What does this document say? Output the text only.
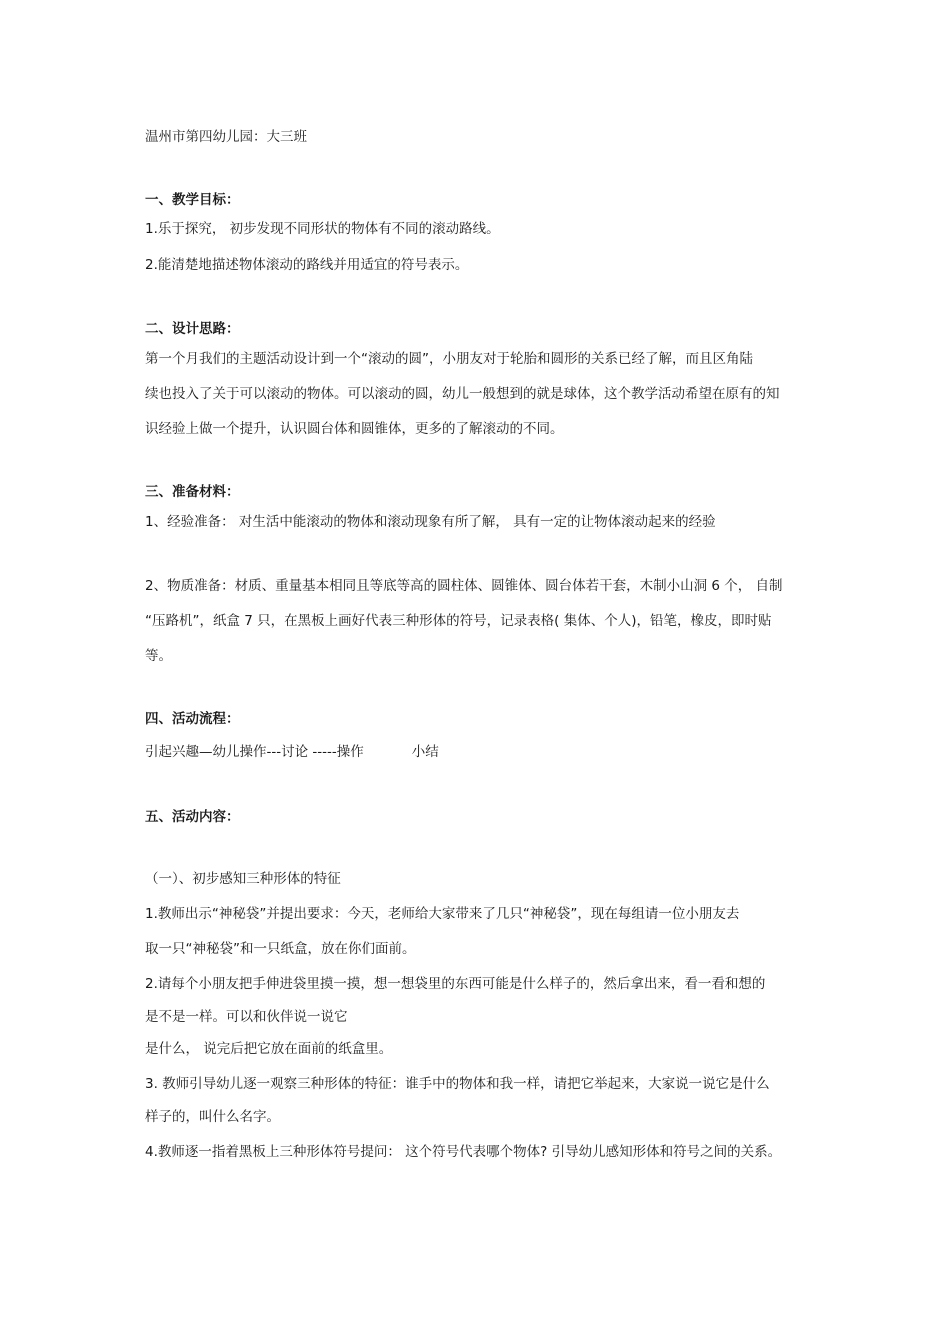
温州市第四幼儿园：大三班
一、教学目标：
1.乐于探究， 初步发现不同形状的物体有不同的滚动路线。
2.能清楚地描述物体滚动的路线并用适宜的符号表示。
二、设计思路：
第一个月我们的主题活动设计到一个“滚动的圆”，小朋友对于轮胎和圆形的关系已经了解，而且区角陆
续也投入了关于可以滚动的物体。可以滚动的圆，幼儿一般想到的就是球体，这个教学活动希望在原有的知
识经验上做一个提升，认识圆台体和圆锥体，更多的了解滚动的不同。
三、准备材料：
1、经验准备： 对生活中能滚动的物体和滚动现象有所了解， 具有一定的让物体滚动起来的经验
2、物质准备：材质、重量基本相同且等底等高的圆柱体、圆锥体、圆台体若干套，木制小山洞 6 个， 自制
“压路机”，纸盒 7 只，在黑板上画好代表三种形体的符号，记录表格( 集体、个人)，铅笔，橡皮，即时贴
等。
四、活动流程：
引起兴趣—幼儿操作---讨论 -----操作	小结
五、活动内容：
（一）、初步感知三种形体的特征
1.教师出示“神秘袋”并提出要求：今天，老师给大家带来了几只“神秘袋”，现在每组请一位小朋友去
取一只“神秘袋”和一只纸盒，放在你们面前。
2.请每个小朋友把手伸进袋里摸一摸，想一想袋里的东西可能是什么样子的，然后拿出来，看一看和想的
是不是一样。可以和伙伴说一说它
是什么， 说完后把它放在面前的纸盒里。
3. 教师引导幼儿逐一观察三种形体的特征：谁手中的物体和我一样，请把它举起来，大家说一说它是什么
样子的，叫什么名字。
4.教师逐一指着黑板上三种形体符号提问： 这个符号代表哪个物体? 引导幼儿感知形体和符号之间的关系。
